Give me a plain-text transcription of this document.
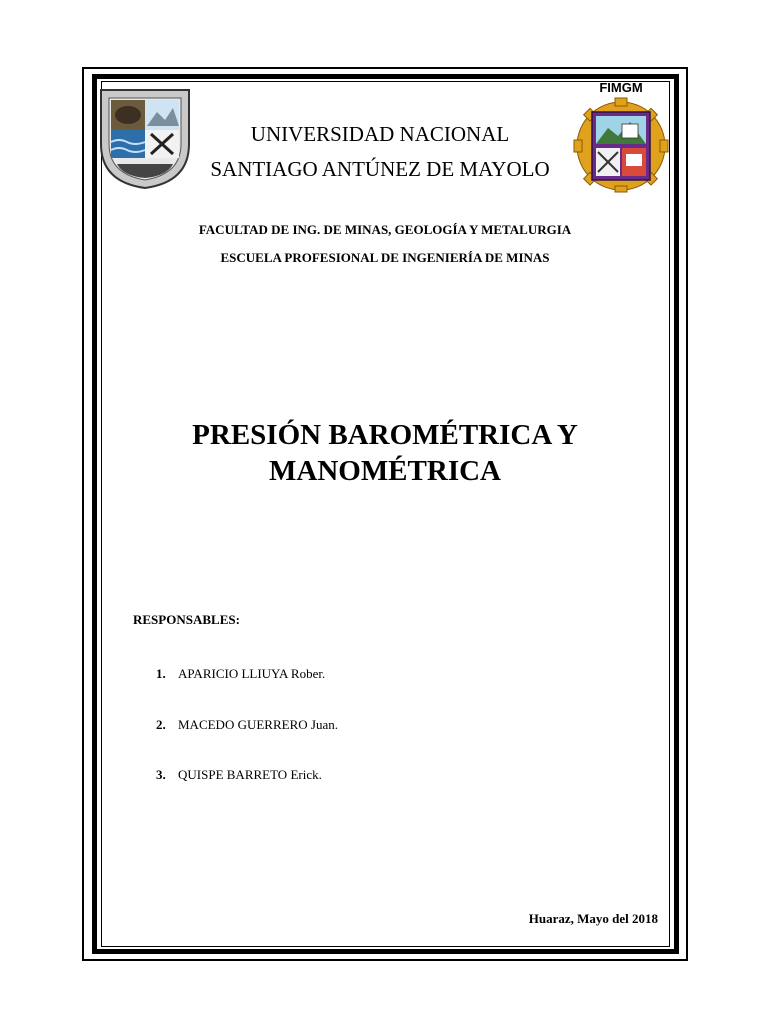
FIMGM
UNIVERSIDAD NACIONAL
SANTIAGO ANTÚNEZ DE MAYOLO
FACULTAD DE ING. DE MINAS, GEOLOGÍA Y METALURGIA
ESCUELA PROFESIONAL DE INGENIERÍA DE MINAS
PRESIÓN BAROMÉTRICA Y
MANOMÉTRICA
RESPONSABLES:
1. APARICIO LLIUYA Rober.
2. MACEDO GUERRERO Juan.
3. QUISPE BARRETO Erick.
Huaraz, Mayo del 2018
